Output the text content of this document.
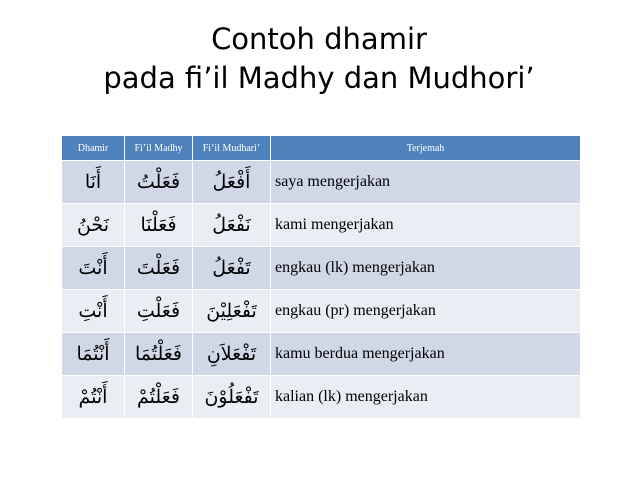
Contoh dhamir
pada fi’il Madhy dan Mudhori’
Dhamir	Fi’il Madhy	Fi’il Mudhari’	Terjemah
أَنَا	فَعَلْتُ	أَفْعَلُ	saya mengerjakan
نَحْنُ	فَعَلْنَا	نَفْعَلُ	kami mengerjakan
أَنْتَ	فَعَلْتَ	تَفْعَلُ	engkau (lk) mengerjakan
أَنْتِ	فَعَلْتِ	تَفْعَلِيْنَ	engkau (pr) mengerjakan
أَنْتُمَا	فَعَلْتُمَا	تَفْعَلاَنِ	kamu berdua mengerjakan
أَنْتُمْ	فَعَلْتُمْ	تَفْعَلُوْنَ	kalian (lk) mengerjakan
